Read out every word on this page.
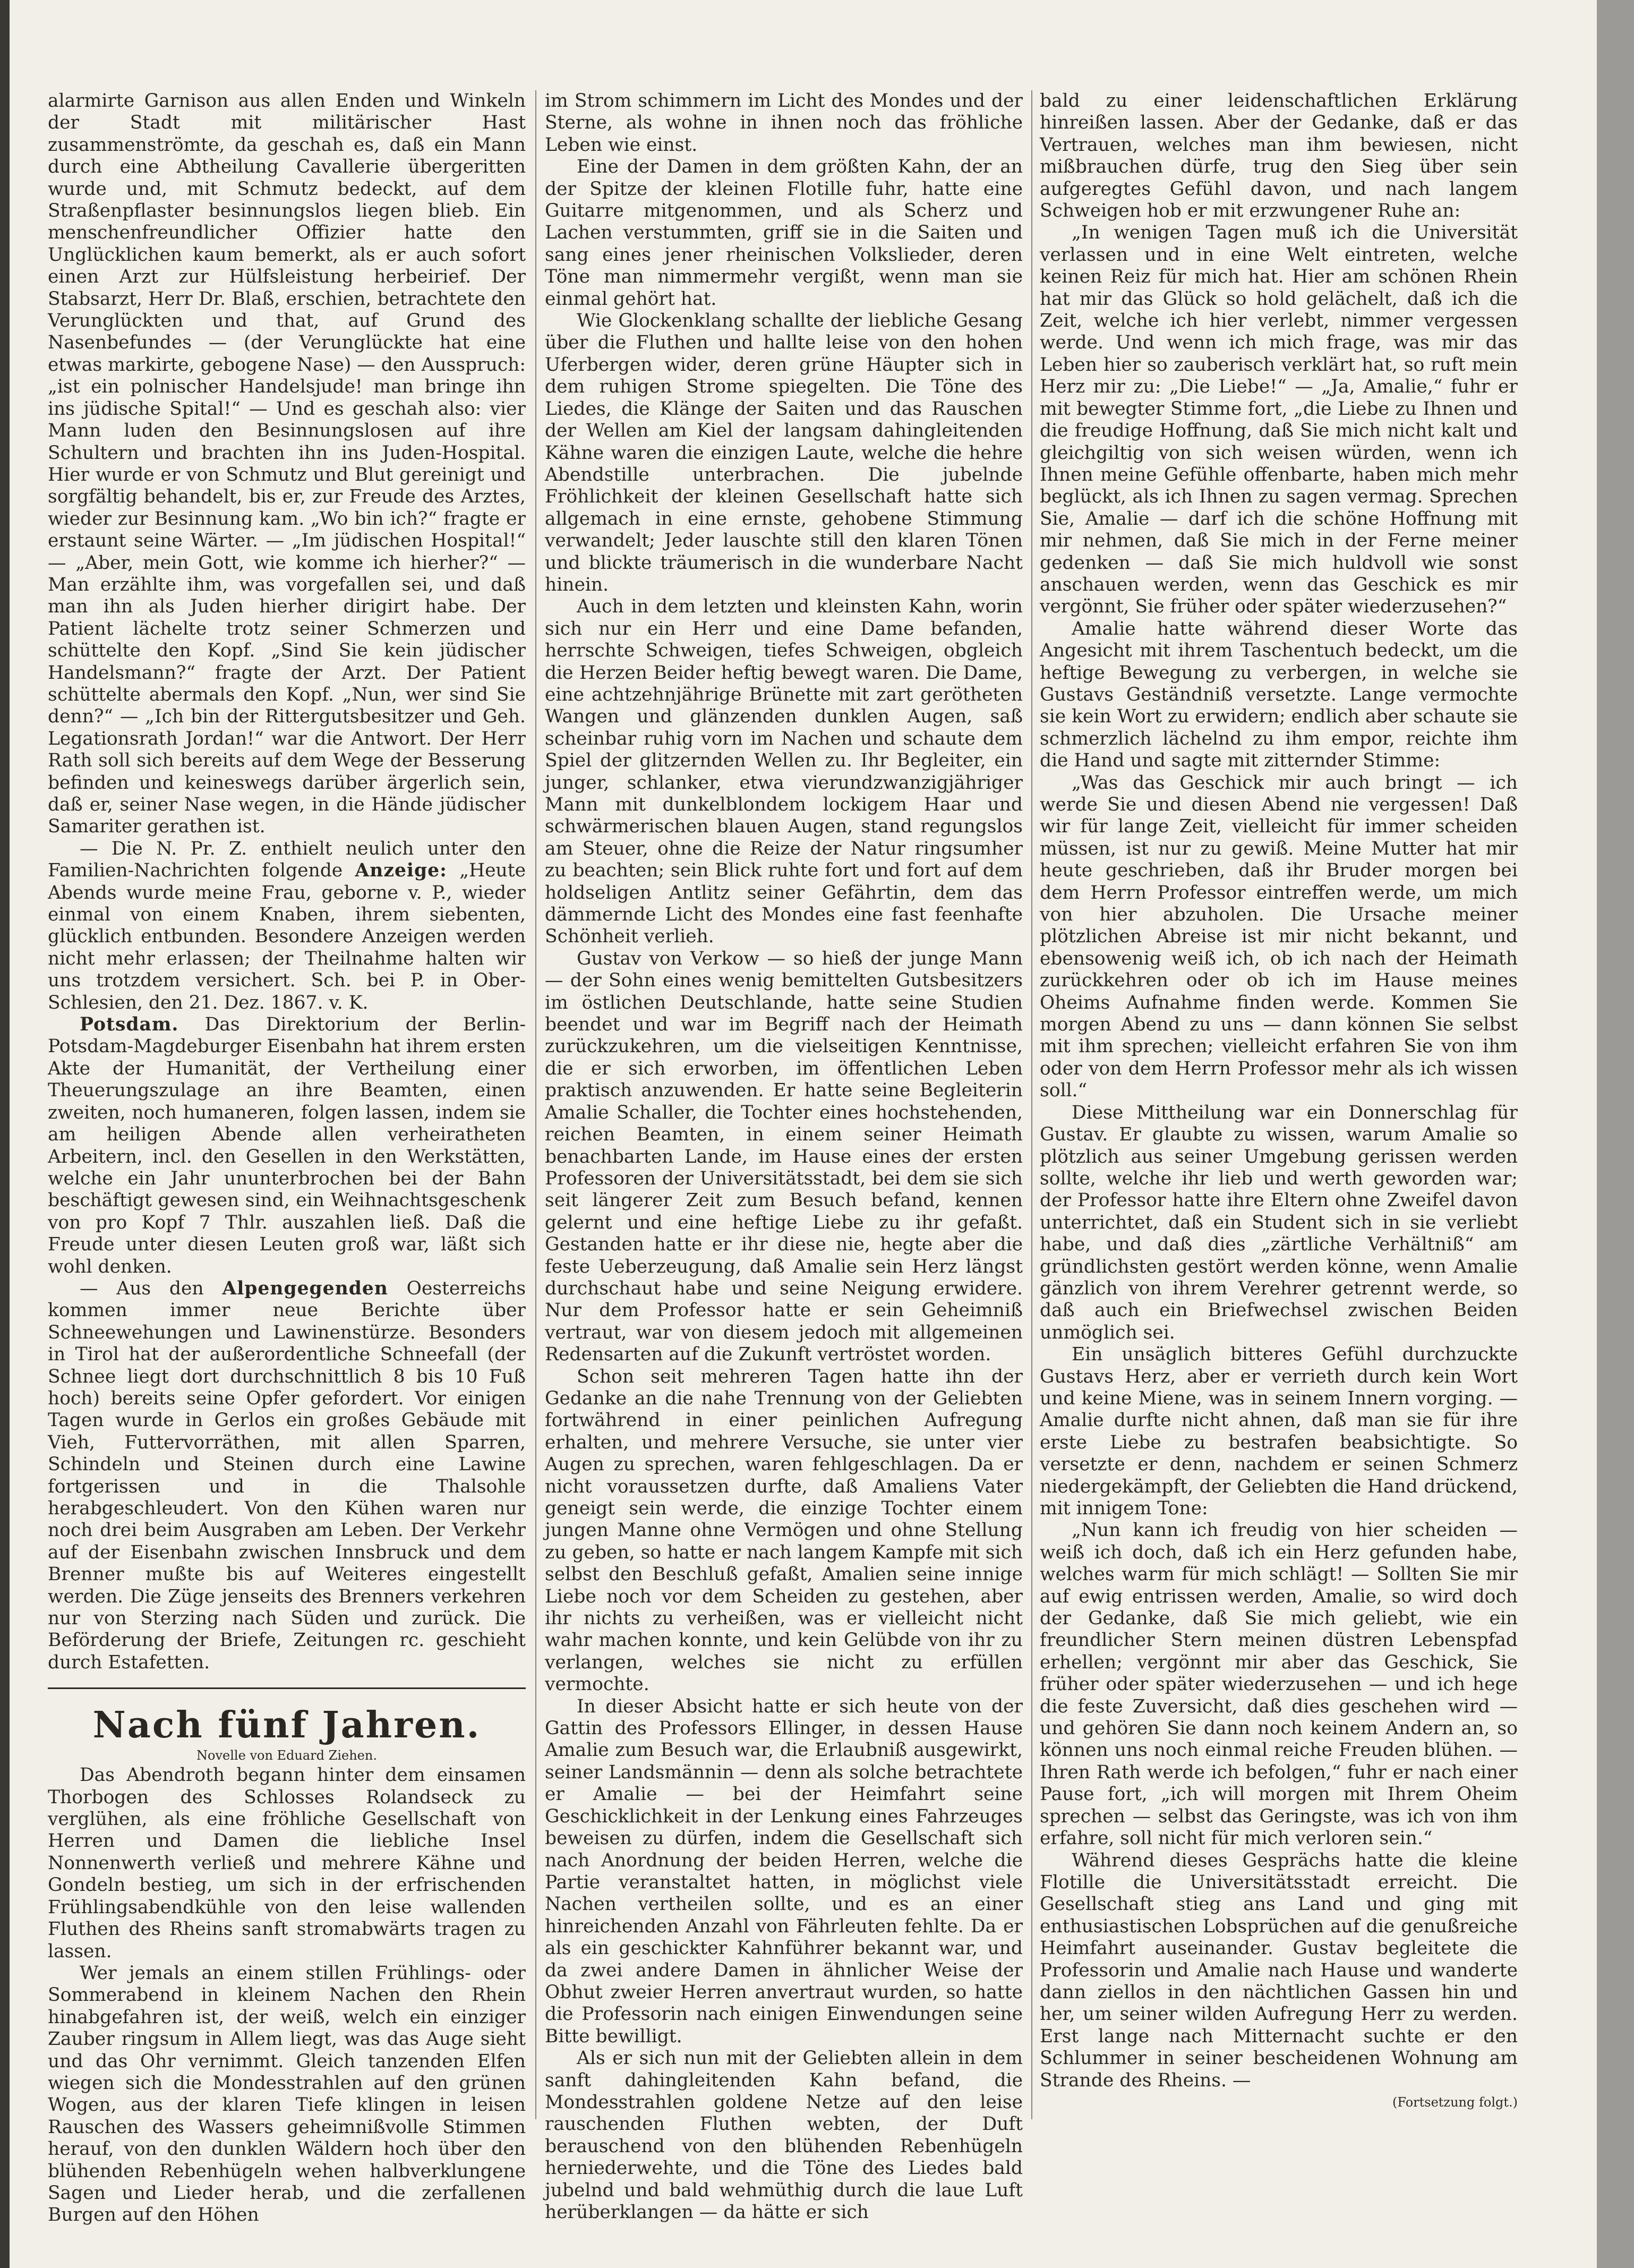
alarmirte Garnison aus allen Enden und Winkeln der Stadt mit militärischer Hast zusammenströmte, da geschah es, daß ein Mann durch eine Abtheilung Cavallerie übergeritten wurde und, mit Schmutz bedeckt, auf dem Straßenpflaster besinnungslos liegen blieb. Ein menschenfreundlicher Offizier hatte den Unglücklichen kaum bemerkt, als er auch sofort einen Arzt zur Hülfsleistung herbeirief. Der Stabsarzt, Herr Dr. Blaß, erschien, betrachtete den Verunglückten und that, auf Grund des Nasenbefundes — (der Verunglückte hat eine etwas markirte, gebogene Nase) — den Ausspruch: „ist ein polnischer Handelsjude! man bringe ihn ins jüdische Spital!“ — Und es geschah also: vier Mann luden den Besinnungslosen auf ihre Schultern und brachten ihn ins Juden-Hospital. Hier wurde er von Schmutz und Blut gereinigt und sorgfältig behandelt, bis er, zur Freude des Arztes, wieder zur Besinnung kam. „Wo bin ich?“ fragte er erstaunt seine Wärter. — „Im jüdischen Hospital!“ — „Aber, mein Gott, wie komme ich hierher?“ — Man erzählte ihm, was vorgefallen sei, und daß man ihn als Juden hierher dirigirt habe. Der Patient lächelte trotz seiner Schmerzen und schüttelte den Kopf. „Sind Sie kein jüdischer Handelsmann?“ fragte der Arzt. Der Patient schüttelte abermals den Kopf. „Nun, wer sind Sie denn?“ — „Ich bin der Rittergutsbesitzer und Geh. Legationsrath Jordan!“ war die Antwort. Der Herr Rath soll sich bereits auf dem Wege der Besserung befinden und keineswegs darüber ärgerlich sein, daß er, seiner Nase wegen, in die Hände jüdischer Samariter gerathen ist.

— Die N. Pr. Z. enthielt neulich unter den Familien-Nachrichten folgende Anzeige: „Heute Abends wurde meine Frau, geborne v. P., wieder einmal von einem Knaben, ihrem siebenten, glücklich entbunden. Besondere Anzeigen werden nicht mehr erlassen; der Theilnahme halten wir uns trotzdem versichert. Sch. bei P. in Ober-Schlesien, den 21. Dez. 1867. v. K.

Potsdam. Das Direktorium der Berlin-Potsdam-Magdeburger Eisenbahn hat ihrem ersten Akte der Humanität, der Vertheilung einer Theuerungszulage an ihre Beamten, einen zweiten, noch humaneren, folgen lassen, indem sie am heiligen Abende allen verheiratheten Arbeitern, incl. den Gesellen in den Werkstätten, welche ein Jahr ununterbrochen bei der Bahn beschäftigt gewesen sind, ein Weihnachtsgeschenk von pro Kopf 7 Thlr. auszahlen ließ. Daß die Freude unter diesen Leuten groß war, läßt sich wohl denken.

— Aus den Alpengegenden Oesterreichs kommen immer neue Berichte über Schneewehungen und Lawinenstürze. Besonders in Tirol hat der außerordentliche Schneefall (der Schnee liegt dort durchschnittlich 8 bis 10 Fuß hoch) bereits seine Opfer gefordert. Vor einigen Tagen wurde in Gerlos ein großes Gebäude mit Vieh, Futtervorräthen, mit allen Sparren, Schindeln und Steinen durch eine Lawine fortgerissen und in die Thalsohle herabgeschleudert. Von den Kühen waren nur noch drei beim Ausgraben am Leben. Der Verkehr auf der Eisenbahn zwischen Innsbruck und dem Brenner mußte bis auf Weiteres eingestellt werden. Die Züge jenseits des Brenners verkehren nur von Sterzing nach Süden und zurück. Die Beförderung der Briefe, Zeitungen rc. geschieht durch Estafetten.

Nach fünf Jahren.

Novelle von Eduard Ziehen.

Das Abendroth begann hinter dem einsamen Thorbogen des Schlosses Rolandseck zu verglühen, als eine fröhliche Gesellschaft von Herren und Damen die liebliche Insel Nonnenwerth verließ und mehrere Kähne und Gondeln bestieg, um sich in der erfrischenden Frühlingsabendkühle von den leise wallenden Fluthen des Rheins sanft stromabwärts tragen zu lassen.

Wer jemals an einem stillen Frühlings- oder Sommerabend in kleinem Nachen den Rhein hinabgefahren ist, der weiß, welch ein einziger Zauber ringsum in Allem liegt, was das Auge sieht und das Ohr vernimmt. Gleich tanzenden Elfen wiegen sich die Mondesstrahlen auf den grünen Wogen, aus der klaren Tiefe klingen in leisen Rauschen des Wassers geheimnißvolle Stimmen herauf, von den dunklen Wäldern hoch über den blühenden Rebenhügeln wehen halbverklungene Sagen und Lieder herab, und die zerfallenen Burgen auf den Höhen

im Strom schimmern im Licht des Mondes und der Sterne, als wohne in ihnen noch das fröhliche Leben wie einst.

Eine der Damen in dem größten Kahn, der an der Spitze der kleinen Flotille fuhr, hatte eine Guitarre mitgenommen, und als Scherz und Lachen verstummten, griff sie in die Saiten und sang eines jener rheinischen Volkslieder, deren Töne man nimmermehr vergißt, wenn man sie einmal gehört hat.

Wie Glockenklang schallte der liebliche Gesang über die Fluthen und hallte leise von den hohen Uferbergen wider, deren grüne Häupter sich in dem ruhigen Strome spiegelten. Die Töne des Liedes, die Klänge der Saiten und das Rauschen der Wellen am Kiel der langsam dahingleitenden Kähne waren die einzigen Laute, welche die hehre Abendstille unterbrachen. Die jubelnde Fröhlichkeit der kleinen Gesellschaft hatte sich allgemach in eine ernste, gehobene Stimmung verwandelt; Jeder lauschte still den klaren Tönen und blickte träumerisch in die wunderbare Nacht hinein.

Auch in dem letzten und kleinsten Kahn, worin sich nur ein Herr und eine Dame befanden, herrschte Schweigen, tiefes Schweigen, obgleich die Herzen Beider heftig bewegt waren. Die Dame, eine achtzehnjährige Brünette mit zart gerötheten Wangen und glänzenden dunklen Augen, saß scheinbar ruhig vorn im Nachen und schaute dem Spiel der glitzernden Wellen zu. Ihr Begleiter, ein junger, schlanker, etwa vierundzwanzigjähriger Mann mit dunkelblondem lockigem Haar und schwärmerischen blauen Augen, stand regungslos am Steuer, ohne die Reize der Natur ringsumher zu beachten; sein Blick ruhte fort und fort auf dem holdseligen Antlitz seiner Gefährtin, dem das dämmernde Licht des Mondes eine fast feenhafte Schönheit verlieh.

Gustav von Verkow — so hieß der junge Mann — der Sohn eines wenig bemittelten Gutsbesitzers im östlichen Deutschlande, hatte seine Studien beendet und war im Begriff nach der Heimath zurückzukehren, um die vielseitigen Kenntnisse, die er sich erworben, im öffentlichen Leben praktisch anzuwenden. Er hatte seine Begleiterin Amalie Schaller, die Tochter eines hochstehenden, reichen Beamten, in einem seiner Heimath benachbarten Lande, im Hause eines der ersten Professoren der Universitätsstadt, bei dem sie sich seit längerer Zeit zum Besuch befand, kennen gelernt und eine heftige Liebe zu ihr gefaßt. Gestanden hatte er ihr diese nie, hegte aber die feste Ueberzeugung, daß Amalie sein Herz längst durchschaut habe und seine Neigung erwidere. Nur dem Professor hatte er sein Geheimniß vertraut, war von diesem jedoch mit allgemeinen Redensarten auf die Zukunft vertröstet worden.

Schon seit mehreren Tagen hatte ihn der Gedanke an die nahe Trennung von der Geliebten fortwährend in einer peinlichen Aufregung erhalten, und mehrere Versuche, sie unter vier Augen zu sprechen, waren fehlgeschlagen. Da er nicht voraussetzen durfte, daß Amaliens Vater geneigt sein werde, die einzige Tochter einem jungen Manne ohne Vermögen und ohne Stellung zu geben, so hatte er nach langem Kampfe mit sich selbst den Beschluß gefaßt, Amalien seine innige Liebe noch vor dem Scheiden zu gestehen, aber ihr nichts zu verheißen, was er vielleicht nicht wahr machen konnte, und kein Gelübde von ihr zu verlangen, welches sie nicht zu erfüllen vermochte.

In dieser Absicht hatte er sich heute von der Gattin des Professors Ellinger, in dessen Hause Amalie zum Besuch war, die Erlaubniß ausgewirkt, seiner Landsmännin — denn als solche betrachtete er Amalie — bei der Heimfahrt seine Geschicklichkeit in der Lenkung eines Fahrzeuges beweisen zu dürfen, indem die Gesellschaft sich nach Anordnung der beiden Herren, welche die Partie veranstaltet hatten, in möglichst viele Nachen vertheilen sollte, und es an einer hinreichenden Anzahl von Fährleuten fehlte. Da er als ein geschickter Kahnführer bekannt war, und da zwei andere Damen in ähnlicher Weise der Obhut zweier Herren anvertraut wurden, so hatte die Professorin nach einigen Einwendungen seine Bitte bewilligt.

Als er sich nun mit der Geliebten allein in dem sanft dahingleitenden Kahn befand, die Mondesstrahlen goldene Netze auf den leise rauschenden Fluthen webten, der Duft berauschend von den blühenden Rebenhügeln herniederwehte, und die Töne des Liedes bald jubelnd und bald wehmüthig durch die laue Luft herüberklangen — da hätte er sich

bald zu einer leidenschaftlichen Erklärung hinreißen lassen. Aber der Gedanke, daß er das Vertrauen, welches man ihm bewiesen, nicht mißbrauchen dürfe, trug den Sieg über sein aufgeregtes Gefühl davon, und nach langem Schweigen hob er mit erzwungener Ruhe an:

„In wenigen Tagen muß ich die Universität verlassen und in eine Welt eintreten, welche keinen Reiz für mich hat. Hier am schönen Rhein hat mir das Glück so hold gelächelt, daß ich die Zeit, welche ich hier verlebt, nimmer vergessen werde. Und wenn ich mich frage, was mir das Leben hier so zauberisch verklärt hat, so ruft mein Herz mir zu: „Die Liebe!“ — „Ja, Amalie,“ fuhr er mit bewegter Stimme fort, „die Liebe zu Ihnen und die freudige Hoffnung, daß Sie mich nicht kalt und gleichgiltig von sich weisen würden, wenn ich Ihnen meine Gefühle offenbarte, haben mich mehr beglückt, als ich Ihnen zu sagen vermag. Sprechen Sie, Amalie — darf ich die schöne Hoffnung mit mir nehmen, daß Sie mich in der Ferne meiner gedenken — daß Sie mich huldvoll wie sonst anschauen werden, wenn das Geschick es mir vergönnt, Sie früher oder später wiederzusehen?“

Amalie hatte während dieser Worte das Angesicht mit ihrem Taschentuch bedeckt, um die heftige Bewegung zu verbergen, in welche sie Gustavs Geständniß versetzte. Lange vermochte sie kein Wort zu erwidern; endlich aber schaute sie schmerzlich lächelnd zu ihm empor, reichte ihm die Hand und sagte mit zitternder Stimme:

„Was das Geschick mir auch bringt — ich werde Sie und diesen Abend nie vergessen! Daß wir für lange Zeit, vielleicht für immer scheiden müssen, ist nur zu gewiß. Meine Mutter hat mir heute geschrieben, daß ihr Bruder morgen bei dem Herrn Professor eintreffen werde, um mich von hier abzuholen. Die Ursache meiner plötzlichen Abreise ist mir nicht bekannt, und ebensowenig weiß ich, ob ich nach der Heimath zurückkehren oder ob ich im Hause meines Oheims Aufnahme finden werde. Kommen Sie morgen Abend zu uns — dann können Sie selbst mit ihm sprechen; vielleicht erfahren Sie von ihm oder von dem Herrn Professor mehr als ich wissen soll.“

Diese Mittheilung war ein Donnerschlag für Gustav. Er glaubte zu wissen, warum Amalie so plötzlich aus seiner Umgebung gerissen werden sollte, welche ihr lieb und werth geworden war; der Professor hatte ihre Eltern ohne Zweifel davon unterrichtet, daß ein Student sich in sie verliebt habe, und daß dies „zärtliche Verhältniß“ am gründlichsten gestört werden könne, wenn Amalie gänzlich von ihrem Verehrer getrennt werde, so daß auch ein Briefwechsel zwischen Beiden unmöglich sei.

Ein unsäglich bitteres Gefühl durchzuckte Gustavs Herz, aber er verrieth durch kein Wort und keine Miene, was in seinem Innern vorging. — Amalie durfte nicht ahnen, daß man sie für ihre erste Liebe zu bestrafen beabsichtigte. So versetzte er denn, nachdem er seinen Schmerz niedergekämpft, der Geliebten die Hand drückend, mit innigem Tone:

„Nun kann ich freudig von hier scheiden — weiß ich doch, daß ich ein Herz gefunden habe, welches warm für mich schlägt! — Sollten Sie mir auf ewig entrissen werden, Amalie, so wird doch der Gedanke, daß Sie mich geliebt, wie ein freundlicher Stern meinen düstren Lebenspfad erhellen; vergönnt mir aber das Geschick, Sie früher oder später wiederzusehen — und ich hege die feste Zuversicht, daß dies geschehen wird — und gehören Sie dann noch keinem Andern an, so können uns noch einmal reiche Freuden blühen. — Ihren Rath werde ich befolgen,“ fuhr er nach einer Pause fort, „ich will morgen mit Ihrem Oheim sprechen — selbst das Geringste, was ich von ihm erfahre, soll nicht für mich verloren sein.“

Während dieses Gesprächs hatte die kleine Flotille die Universitätsstadt erreicht. Die Gesellschaft stieg ans Land und ging mit enthusiastischen Lobsprüchen auf die genußreiche Heimfahrt auseinander. Gustav begleitete die Professorin und Amalie nach Hause und wanderte dann ziellos in den nächtlichen Gassen hin und her, um seiner wilden Aufregung Herr zu werden. Erst lange nach Mitternacht suchte er den Schlummer in seiner bescheidenen Wohnung am Strande des Rheins. —

(Fortsetzung folgt.)
